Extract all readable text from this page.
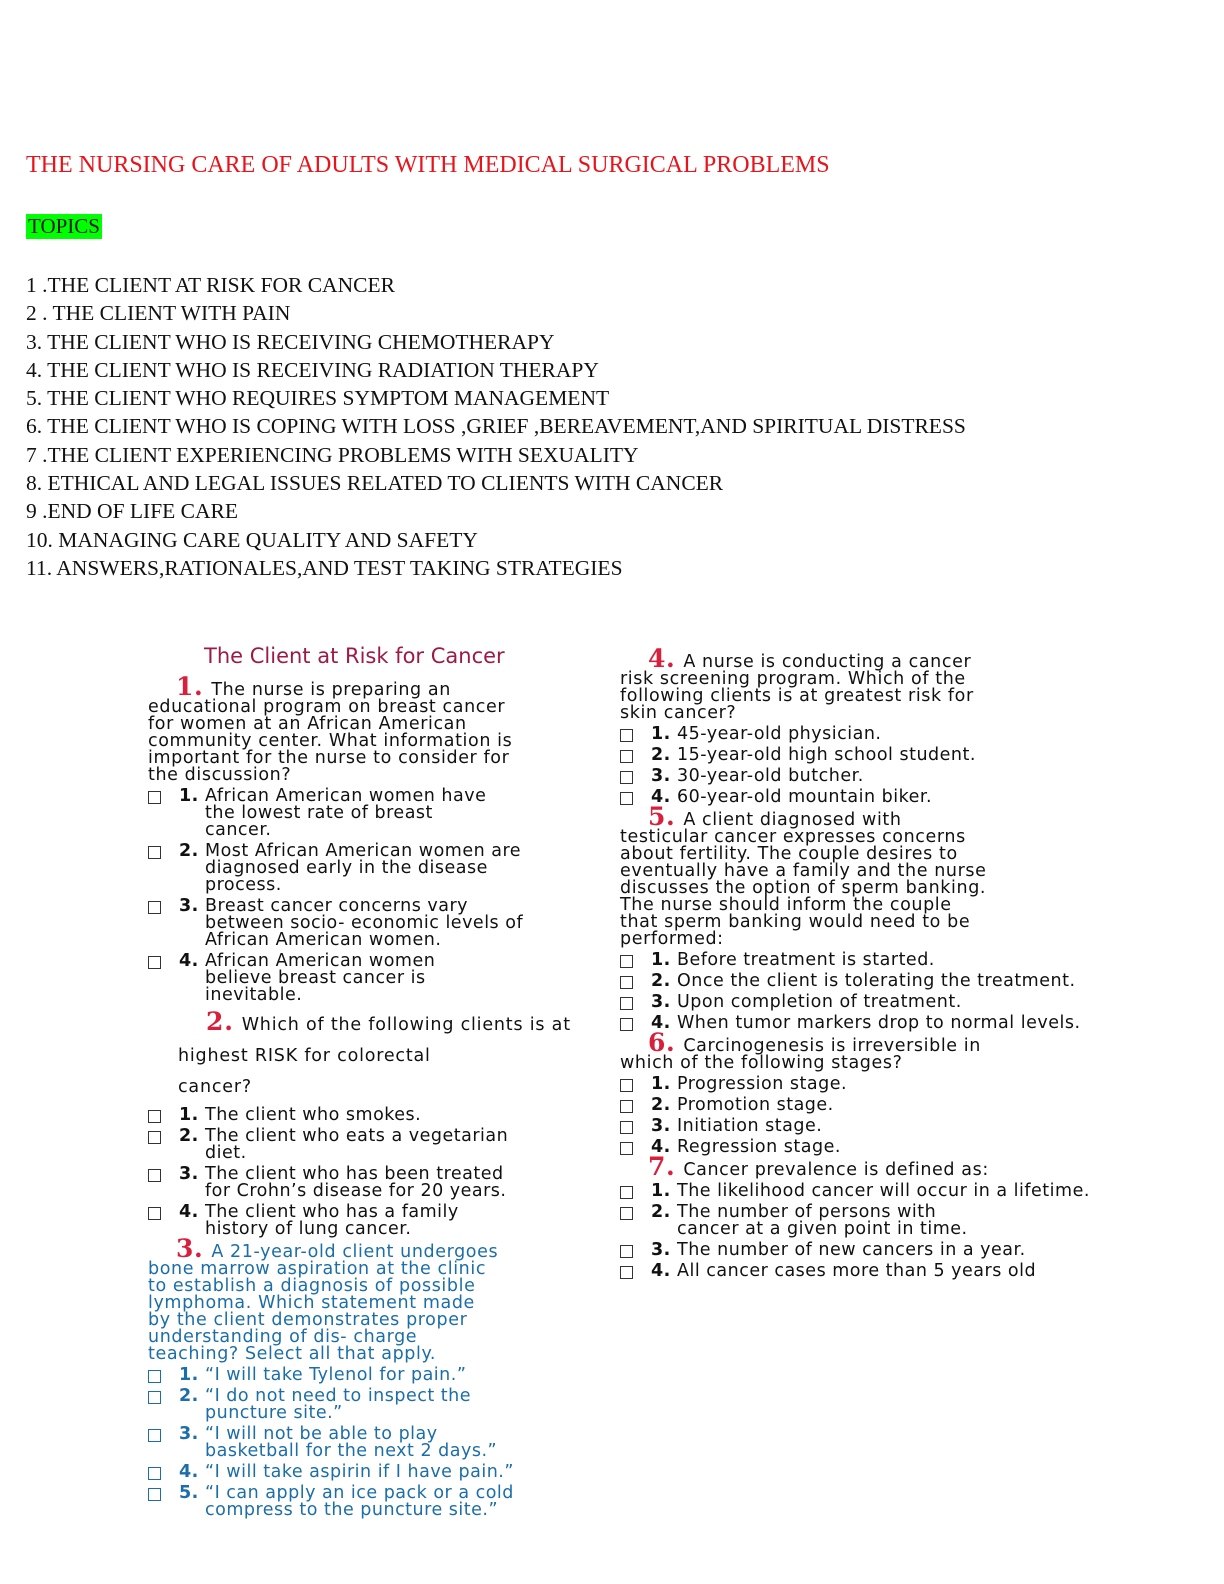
THE NURSING CARE OF ADULTS WITH MEDICAL SURGICAL PROBLEMS
TOPICS
1 .THE CLIENT AT RISK FOR CANCER
2 . THE CLIENT WITH PAIN
3. THE CLIENT WHO IS RECEIVING CHEMOTHERAPY
4. THE CLIENT WHO IS RECEIVING RADIATION THERAPY
5. THE CLIENT WHO REQUIRES SYMPTOM MANAGEMENT
6. THE CLIENT WHO IS COPING WITH LOSS ,GRIEF ,BEREAVEMENT,AND SPIRITUAL DISTRESS
7 .THE CLIENT EXPERIENCING PROBLEMS WITH SEXUALITY
8. ETHICAL AND LEGAL ISSUES RELATED TO CLIENTS WITH CANCER
9 .END OF LIFE CARE
10. MANAGING CARE QUALITY AND SAFETY
11. ANSWERS,RATIONALES,AND TEST TAKING STRATEGIES
The Client at Risk for Cancer
1. The nurse is preparing an
educational program on breast cancer
for women at an African American
community center. What information is
important for the nurse to consider for
the discussion?
1. African American women have
the lowest rate of breast
cancer.
2. Most African American women are
diagnosed early in the disease
process.
3. Breast cancer concerns vary
between socio- economic levels of
African American women.
4. African American women
believe breast cancer is
inevitable.
2. Which of the following clients is at
highest RISK for colorectal
cancer?
1. The client who smokes.
2. The client who eats a vegetarian
diet.
3. The client who has been treated
for Crohn’s disease for 20 years.
4. The client who has a family
history of lung cancer.
3. A 21-year-old client undergoes
bone marrow aspiration at the clinic
to establish a diagnosis of possible
lymphoma. Which statement made
by the client demonstrates proper
understanding of dis- charge
teaching? Select all that apply.
1. “I will take Tylenol for pain.”
2. “I do not need to inspect the
puncture site.”
3. “I will not be able to play
basketball for the next 2 days.”
4. “I will take aspirin if I have pain.”
5. “I can apply an ice pack or a cold
compress to the puncture site.”
4. A nurse is conducting a cancer
risk screening program. Which of the
following clients is at greatest risk for
skin cancer?
1. 45-year-old physician.
2. 15-year-old high school student.
3. 30-year-old butcher.
4. 60-year-old mountain biker.
5. A client diagnosed with
testicular cancer expresses concerns
about fertility. The couple desires to
eventually have a family and the nurse
discusses the option of sperm banking.
The nurse should inform the couple
that sperm banking would need to be
performed:
1. Before treatment is started.
2. Once the client is tolerating the treatment.
3. Upon completion of treatment.
4. When tumor markers drop to normal levels.
6. Carcinogenesis is irreversible in
which of the following stages?
1. Progression stage.
2. Promotion stage.
3. Initiation stage.
4. Regression stage.
7. Cancer prevalence is defined as:
1. The likelihood cancer will occur in a lifetime.
2. The number of persons with
cancer at a given point in time.
3. The number of new cancers in a year.
4. All cancer cases more than 5 years old
